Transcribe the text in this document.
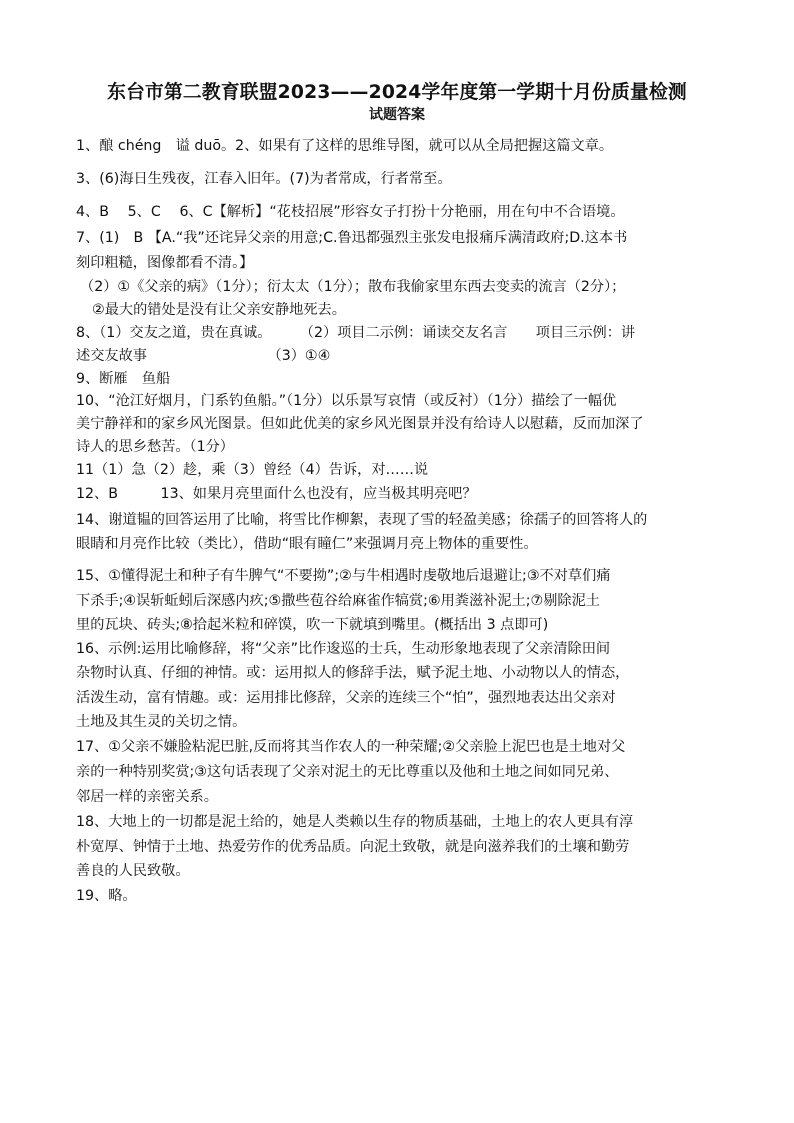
东台市第二教育联盟2023——2024学年度第一学期十月份质量检测
试题答案
1、酿 chéng　谥 duō。2、如果有了这样的思维导图，就可以从全局把握这篇文章。
3、(6)海日生残夜，江春入旧年。(7)为者常成，行者常至。
4、B　 5、C　 6、C【解析】“花枝招展”形容女子打扮十分艳丽，用在句中不合语境。
7、(1)　B 【A.“我”还诧异父亲的用意;C.鲁迅都强烈主张发电报痛斥满清政府;D.这本书
刻印粗糙，图像都看不清。】
（2）①《父亲的病》（1分）；衍太太（1分）；散布我偷家里东西去变卖的流言（2分）；
②最大的错处是没有让父亲安静地死去。
8、（1）交友之道，贵在真诚。　　　（2）项目二示例：诵读交友名言　　项目三示例：讲
述交友故事　　　　　　　　　（3）①④
9、断雁　鱼船
10、“沧江好烟月，门系钓鱼船。”（1分）以乐景写哀情（或反衬）（1分）描绘了一幅优
美宁静祥和的家乡风光图景。但如此优美的家乡风光图景并没有给诗人以慰藉，反而加深了
诗人的思乡愁苦。（1分）
11（1）急（2）趁，乘（3）曾经（4）告诉，对……说
12、B　　　13、如果月亮里面什么也没有，应当极其明亮吧？
14、谢道韫的回答运用了比喻，将雪比作柳絮，表现了雪的轻盈美感；徐孺子的回答将人的
眼睛和月亮作比较（类比），借助“眼有瞳仁”来强调月亮上物体的重要性。
15、①懂得泥土和种子有牛脾气“不要拗”;②与牛相遇时虔敬地后退避让;③不对草们痛
下杀手;④误斩蚯蚓后深感内疚;⑤撒些苞谷给麻雀作犒赏;⑥用粪滋补泥土;⑦剔除泥土
里的瓦块、砖头;⑧拾起米粒和碎馍，吹一下就填到嘴里。(概括出 3 点即可)
16、示例:运用比喻修辞，将“父亲”比作逡巡的士兵，生动形象地表现了父亲清除田间
杂物时认真、仔细的神情。或：运用拟人的修辞手法，赋予泥土地、小动物以人的情态，
活泼生动，富有情趣。或：运用排比修辞，父亲的连续三个“怕”，强烈地表达出父亲对
土地及其生灵的关切之情。
17、①父亲不嫌脸粘泥巴脏,反而将其当作农人的一种荣耀;②父亲脸上泥巴也是土地对父
亲的一种特别奖赏;③这句话表现了父亲对泥土的无比尊重以及他和土地之间如同兄弟、
邻居一样的亲密关系。
18、大地上的一切都是泥土给的，她是人类赖以生存的物质基础，土地上的农人更具有淳
朴宽厚、钟情于土地、热爱劳作的优秀品质。向泥土致敬，就是向滋养我们的土壤和勤劳
善良的人民致敬。
19、略。
